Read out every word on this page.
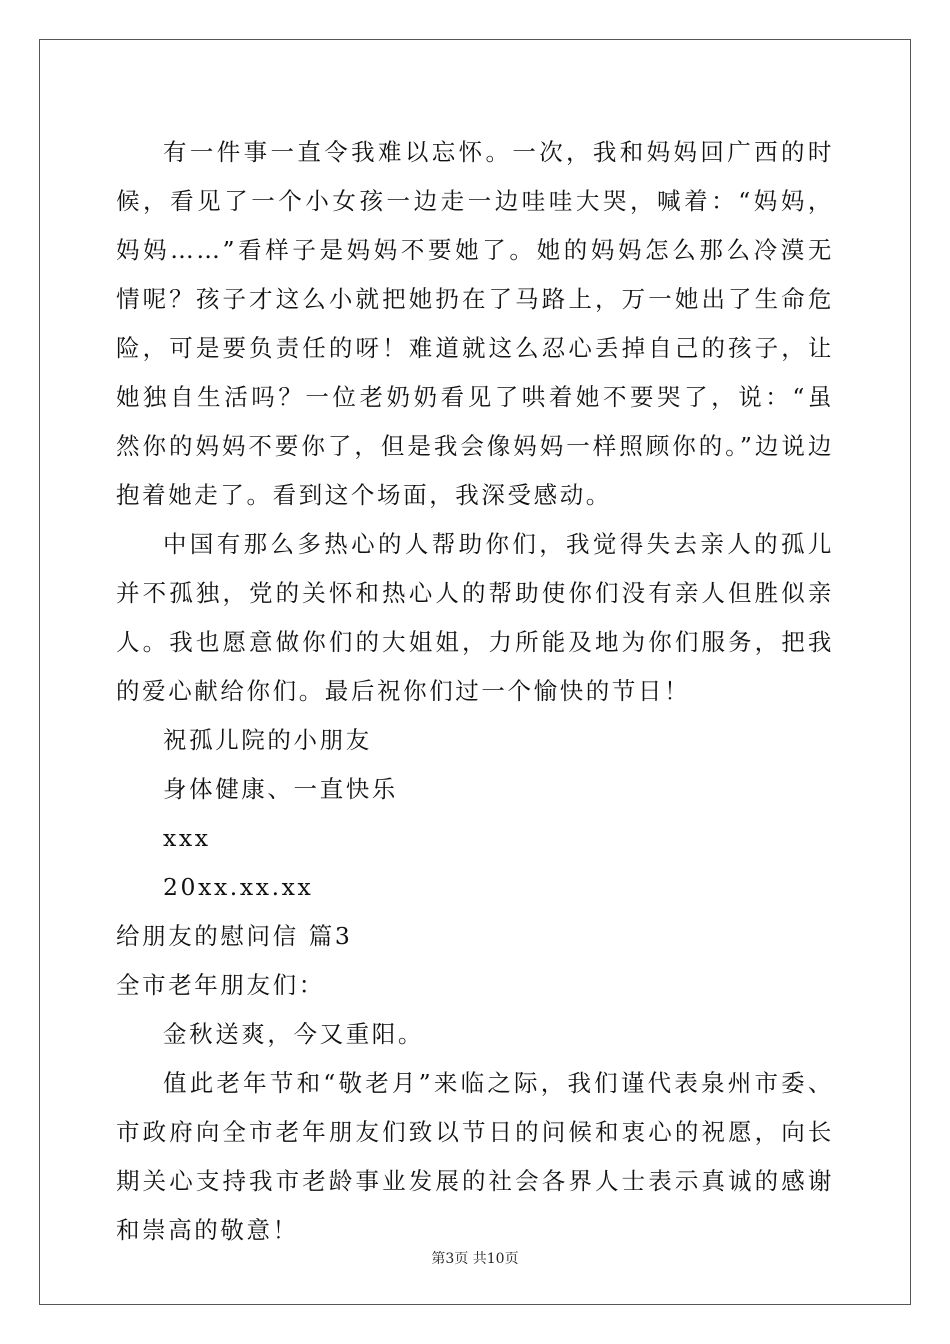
有一件事一直令我难以忘怀。一次，我和妈妈回广西的时候，看见了一个小女孩一边走一边哇哇大哭，喊着：“妈妈，妈妈……”看样子是妈妈不要她了。她的妈妈怎么那么冷漠无情呢？孩子才这么小就把她扔在了马路上，万一她出了生命危险，可是要负责任的呀！难道就这么忍心丢掉自己的孩子，让她独自生活吗？一位老奶奶看见了哄着她不要哭了，说：“虽然你的妈妈不要你了，但是我会像妈妈一样照顾你的。”边说边抱着她走了。看到这个场面，我深受感动。

中国有那么多热心的人帮助你们，我觉得失去亲人的孤儿并不孤独，党的关怀和热心人的帮助使你们没有亲人但胜似亲人。我也愿意做你们的大姐姐，力所能及地为你们服务，把我的爱心献给你们。最后祝你们过一个愉快的节日！

祝孤儿院的小朋友

身体健康、一直快乐

xxx

20xx.xx.xx

给朋友的慰问信 篇3

全市老年朋友们：

金秋送爽，今又重阳。

值此老年节和“敬老月”来临之际，我们谨代表泉州市委、市政府向全市老年朋友们致以节日的问候和衷心的祝愿，向长期关心支持我市老龄事业发展的社会各界人士表示真诚的感谢和崇高的敬意！

第3页 共10页
